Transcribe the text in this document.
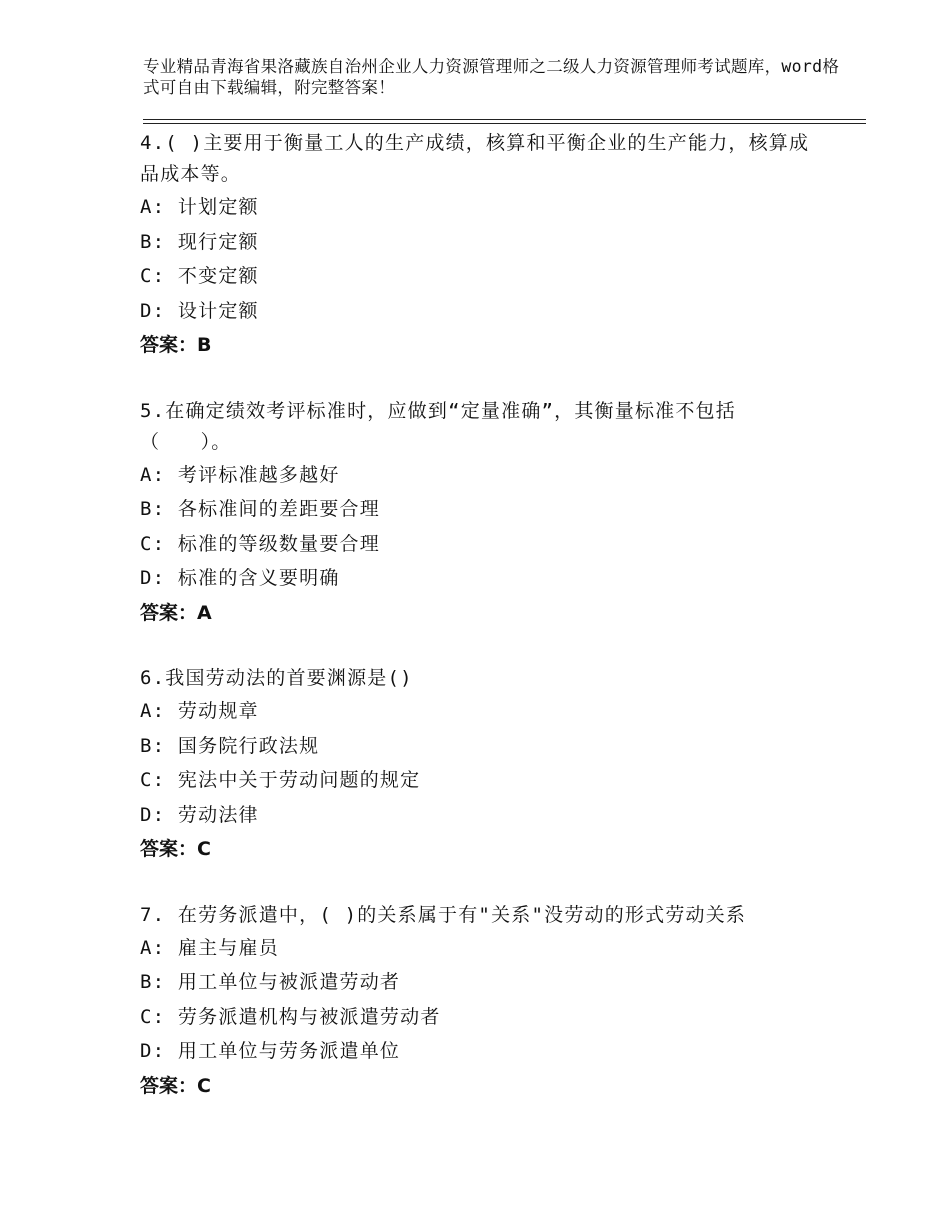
专业精品青海省果洛藏族自治州企业人力资源管理师之二级人力资源管理师考试题库，word格式可自由下载编辑，附完整答案！

4.( )主要用于衡量工人的生产成绩，核算和平衡企业的生产能力，核算成品成本等。

A: 计划定额

B: 现行定额

C: 不变定额

D: 设计定额

答案：B

5.在确定绩效考评标准时，应做到“定量准确”，其衡量标准不包括（　　）。

A: 考评标准越多越好

B: 各标准间的差距要合理

C: 标准的等级数量要合理

D: 标准的含义要明确

答案：A

6.我国劳动法的首要渊源是()

A: 劳动规章

B: 国务院行政法规

C: 宪法中关于劳动问题的规定

D: 劳动法律

答案：C

7. 在劳务派遣中，( )的关系属于有"关系"没劳动的形式劳动关系

A: 雇主与雇员

B: 用工单位与被派遣劳动者

C: 劳务派遣机构与被派遣劳动者

D: 用工单位与劳务派遣单位

答案：C
